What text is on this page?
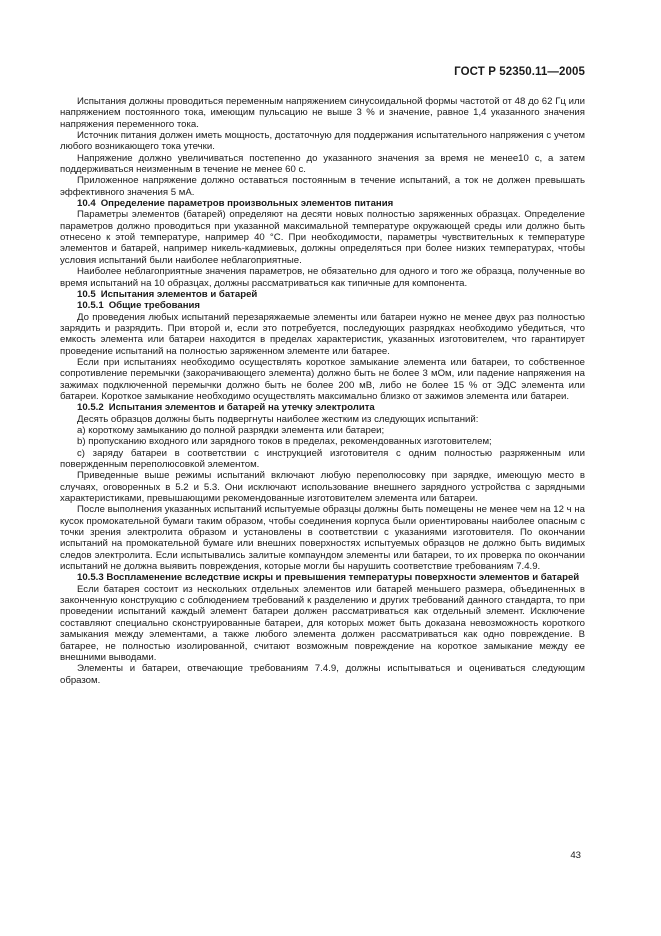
ГОСТ Р 52350.11—2005

Испытания должны проводиться переменным напряжением синусоидальной формы частотой от 48 до 62 Гц или напряжением постоянного тока, имеющим пульсацию не выше 3 % и значение, равное 1,4 указанного значения напряжения переменного тока.

Источник питания должен иметь мощность, достаточную для поддержания испытательного напряжения с учетом любого возникающего тока утечки.

Напряжение должно увеличиваться постепенно до указанного значения за время не менее10 с, а затем поддерживаться неизменным в течение не менее 60 с.

Приложенное напряжение должно оставаться постоянным в течение испытаний, а ток не должен превышать эффективного значения 5 мА.

10.4 Определение параметров произвольных элементов питания

Параметры элементов (батарей) определяют на десяти новых полностью заряженных образцах. Определение параметров должно проводиться при указанной максимальной температуре окружающей среды или должно быть отнесено к этой температуре, например 40 °С. При необходимости, параметры чувствительных к температуре элементов и батарей, например никель-кадмиевых, должны определяться при более низких температурах, чтобы условия испытаний были наиболее неблагоприятные.

Наиболее неблагоприятные значения параметров, не обязательно для одного и того же образца, полученные во время испытаний на 10 образцах, должны рассматриваться как типичные для компонента.

10.5 Испытания элементов и батарей

10.5.1 Общие требования

До проведения любых испытаний перезаряжаемые элементы или батареи нужно не менее двух раз полностью зарядить и разрядить. При второй и, если это потребуется, последующих разрядках необходимо убедиться, что емкость элемента или батареи находится в пределах характеристик, указанных изготовителем, что гарантирует проведение испытаний на полностью заряженном элементе или батарее.

Если при испытаниях необходимо осуществлять короткое замыкание элемента или батареи, то собственное сопротивление перемычки (закорачивающего элемента) должно быть не более 3 мОм, или падение напряжения на зажимах подключенной перемычки должно быть не более 200 мВ, либо не более 15 % от ЭДС элемента или батареи. Короткое замыкание необходимо осуществлять максимально близко от зажимов элемента или батареи.

10.5.2 Испытания элементов и батарей на утечку электролита

Десять образцов должны быть подвергнуты наиболее жестким из следующих испытаний:

а) короткому замыканию до полной разрядки элемента или батареи;

b) пропусканию входного или зарядного токов в пределах, рекомендованных изготовителем;

с) заряду батареи в соответствии с инструкцией изготовителя с одним полностью разряженным или повержденным переполюсовкой элементом.

Приведенные выше режимы испытаний включают любую переполюсовку при зарядке, имеющую место в случаях, оговоренных в 5.2 и 5.3. Они исключают использование внешнего зарядного устройства с зарядными характеристиками, превышающими рекомендованные изготовителем элемента или батареи.

После выполнения указанных испытаний испытуемые образцы должны быть помещены не менее чем на 12 ч на кусок промокательной бумаги таким образом, чтобы соединения корпуса были ориентированы наиболее опасным с точки зрения электролита образом и установлены в соответствии с указаниями изготовителя. По окончании испытаний на промокательной бумаге или внешних поверхностях испытуемых образцов не должно быть видимых следов электролита. Если испытывались залитые компаундом элементы или батареи, то их проверка по окончании испытаний не должна выявить повреждения, которые могли бы нарушить соответствие требованиям 7.4.9.

10.5.3 Воспламенение вследствие искры и превышения температуры поверхности элементов и батарей

Если батарея состоит из нескольких отдельных элементов или батарей меньшего размера, объединенных в законченную конструкцию с соблюдением требований к разделению и других требований данного стандарта, то при проведении испытаний каждый элемент батареи должен рассматриваться как отдельный элемент. Исключение составляют специально сконструированные батареи, для которых может быть доказана невозможность короткого замыкания между элементами, а также любого элемента должен рассматриваться как одно повреждение. В батарее, не полностью изолированной, считают возможным повреждение на короткое замыкание между ее внешними выводами.

Элементы и батареи, отвечающие требованиям 7.4.9, должны испытываться и оцениваться следующим образом.

43
